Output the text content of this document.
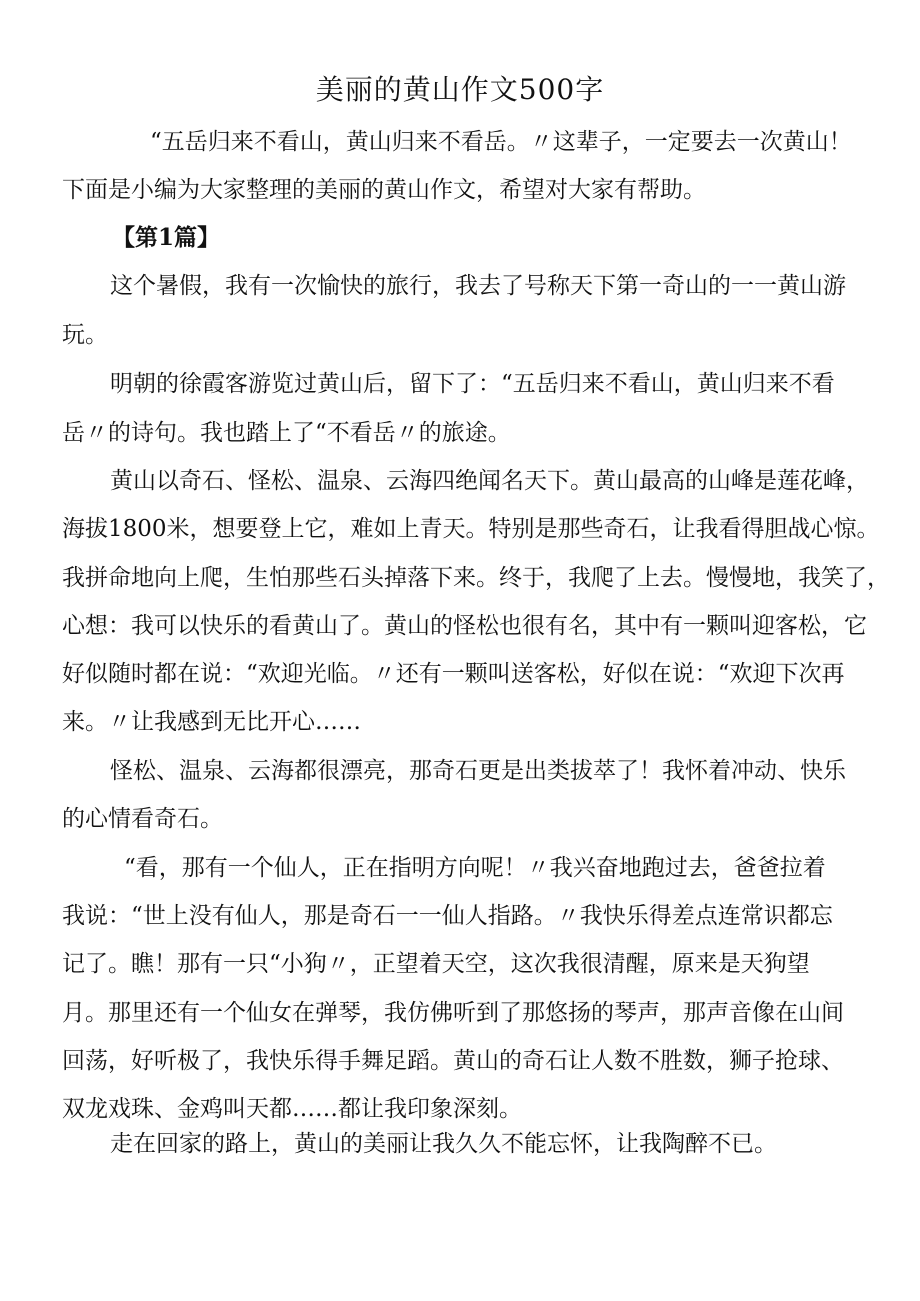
美丽的黄山作文500字
“五岳归来不看山，黄山归来不看岳。〃这辈子，一定要去一次黄山！
下面是小编为大家整理的美丽的黄山作文，希望对大家有帮助。
【第1篇】
这个暑假，我有一次愉快的旅行，我去了号称天下第一奇山的一一黄山游
玩。
明朝的徐霞客游览过黄山后，留下了：“五岳归来不看山，黄山归来不看
岳〃的诗句。我也踏上了“不看岳〃的旅途。
黄山以奇石、怪松、温泉、云海四绝闻名天下。黄山最高的山峰是莲花峰，
海拔1800米，想要登上它，难如上青天。特别是那些奇石，让我看得胆战心惊。
我拼命地向上爬，生怕那些石头掉落下来。终于，我爬了上去。慢慢地，我笑了，
心想：我可以快乐的看黄山了。黄山的怪松也很有名，其中有一颗叫迎客松，它
好似随时都在说：“欢迎光临。〃还有一颗叫送客松，好似在说：“欢迎下次再
来。〃让我感到无比开心……
怪松、温泉、云海都很漂亮，那奇石更是出类拔萃了！我怀着冲动、快乐
的心情看奇石。
“看，那有一个仙人，正在指明方向呢！〃我兴奋地跑过去，爸爸拉着
我说：“世上没有仙人，那是奇石一一仙人指路。〃我快乐得差点连常识都忘
记了。瞧！那有一只“小狗〃，正望着天空，这次我很清醒，原来是天狗望
月。那里还有一个仙女在弹琴，我仿佛听到了那悠扬的琴声，那声音像在山间
回荡，好听极了，我快乐得手舞足蹈。黄山的奇石让人数不胜数，狮子抢球、
双龙戏珠、金鸡叫天都……都让我印象深刻。
走在回家的路上，黄山的美丽让我久久不能忘怀，让我陶醉不已。
